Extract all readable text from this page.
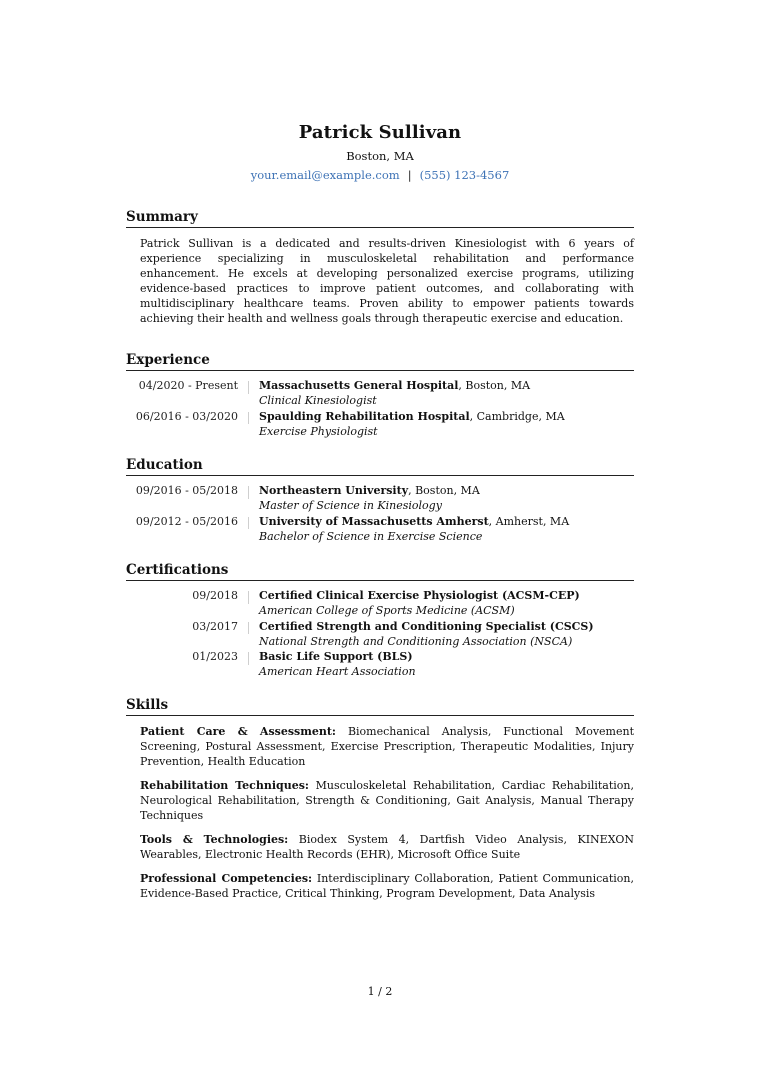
Patrick Sullivan
Boston, MA
your.email@example.com | (555) 123-4567
Summary
Patrick Sullivan is a dedicated and results-driven Kinesiologist with 6 years of experience specializing in musculoskeletal rehabilitation and performance enhancement. He excels at developing personalized exercise programs, utilizing evidence-based practices to improve patient outcomes, and collaborating with multidisciplinary healthcare teams. Proven ability to empower patients towards achieving their health and wellness goals through therapeutic exercise and education.
Experience
04/2020 - Present Massachusetts General Hospital, Boston, MA
Clinical Kinesiologist
06/2016 - 03/2020 Spaulding Rehabilitation Hospital, Cambridge, MA
Exercise Physiologist
Education
09/2016 - 05/2018 Northeastern University, Boston, MA
Master of Science in Kinesiology
09/2012 - 05/2016 University of Massachusetts Amherst, Amherst, MA
Bachelor of Science in Exercise Science
Certifications
09/2018 Certified Clinical Exercise Physiologist (ACSM-CEP)
American College of Sports Medicine (ACSM)
03/2017 Certified Strength and Conditioning Specialist (CSCS)
National Strength and Conditioning Association (NSCA)
01/2023 Basic Life Support (BLS)
American Heart Association
Skills
Patient Care & Assessment: Biomechanical Analysis, Functional Movement Screening, Postural Assessment, Exercise Prescription, Therapeutic Modalities, Injury Prevention, Health Education
Rehabilitation Techniques: Musculoskeletal Rehabilitation, Cardiac Rehabilitation, Neurological Rehabilitation, Strength & Conditioning, Gait Analysis, Manual Therapy Techniques
Tools & Technologies: Biodex System 4, Dartfish Video Analysis, KINEXON Wearables, Electronic Health Records (EHR), Microsoft Office Suite
Professional Competencies: Interdisciplinary Collaboration, Patient Communication, Evidence-Based Practice, Critical Thinking, Program Development, Data Analysis
1 / 2
